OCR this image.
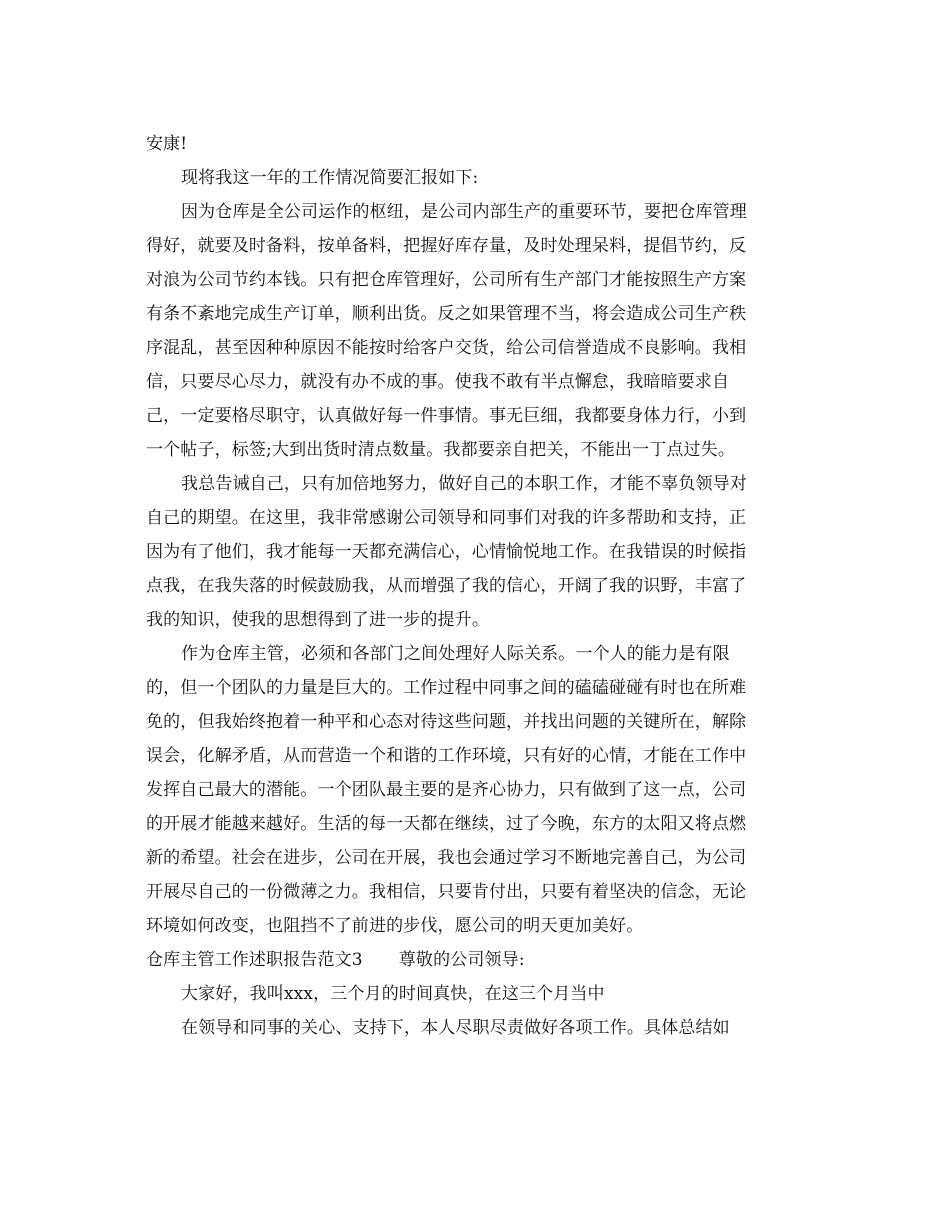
安康!
现将我这一年的工作情况简要汇报如下:
因为仓库是全公司运作的枢纽，是公司内部生产的重要环节，要把仓库管理
得好，就要及时备料，按单备料，把握好库存量，及时处理呆料，提倡节约，反
对浪为公司节约本钱。只有把仓库管理好，公司所有生产部门才能按照生产方案
有条不紊地完成生产订单，顺利出货。反之如果管理不当，将会造成公司生产秩
序混乱，甚至因种种原因不能按时给客户交货，给公司信誉造成不良影响。我相
信，只要尽心尽力，就没有办不成的事。使我不敢有半点懈怠，我暗暗要求自
己，一定要格尽职守，认真做好每一件事情。事无巨细，我都要身体力行，小到
一个帖子，标签;大到出货时清点数量。我都要亲自把关，不能出一丁点过失。
我总告诫自己，只有加倍地努力，做好自己的本职工作，才能不辜负领导对
自己的期望。在这里，我非常感谢公司领导和同事们对我的许多帮助和支持，正
因为有了他们，我才能每一天都充满信心，心情愉悦地工作。在我错误的时候指
点我，在我失落的时候鼓励我，从而增强了我的信心，开阔了我的识野，丰富了
我的知识，使我的思想得到了进一步的提升。
作为仓库主管，必须和各部门之间处理好人际关系。一个人的能力是有限
的，但一个团队的力量是巨大的。工作过程中同事之间的磕磕碰碰有时也在所难
免的，但我始终抱着一种平和心态对待这些问题，并找出问题的关键所在，解除
误会，化解矛盾，从而营造一个和谐的工作环境，只有好的心情，才能在工作中
发挥自己最大的潜能。一个团队最主要的是齐心协力，只有做到了这一点，公司
的开展才能越来越好。生活的每一天都在继续，过了今晚，东方的太阳又将点燃
新的希望。社会在进步，公司在开展，我也会通过学习不断地完善自己，为公司
开展尽自己的一份微薄之力。我相信，只要肯付出，只要有着坚决的信念，无论
环境如何改变，也阻挡不了前进的步伐，愿公司的明天更加美好。
仓库主管工作述职报告范文3 尊敬的公司领导:
大家好，我叫xxx，三个月的时间真快，在这三个月当中
在领导和同事的关心、支持下，本人尽职尽责做好各项工作。具体总结如
